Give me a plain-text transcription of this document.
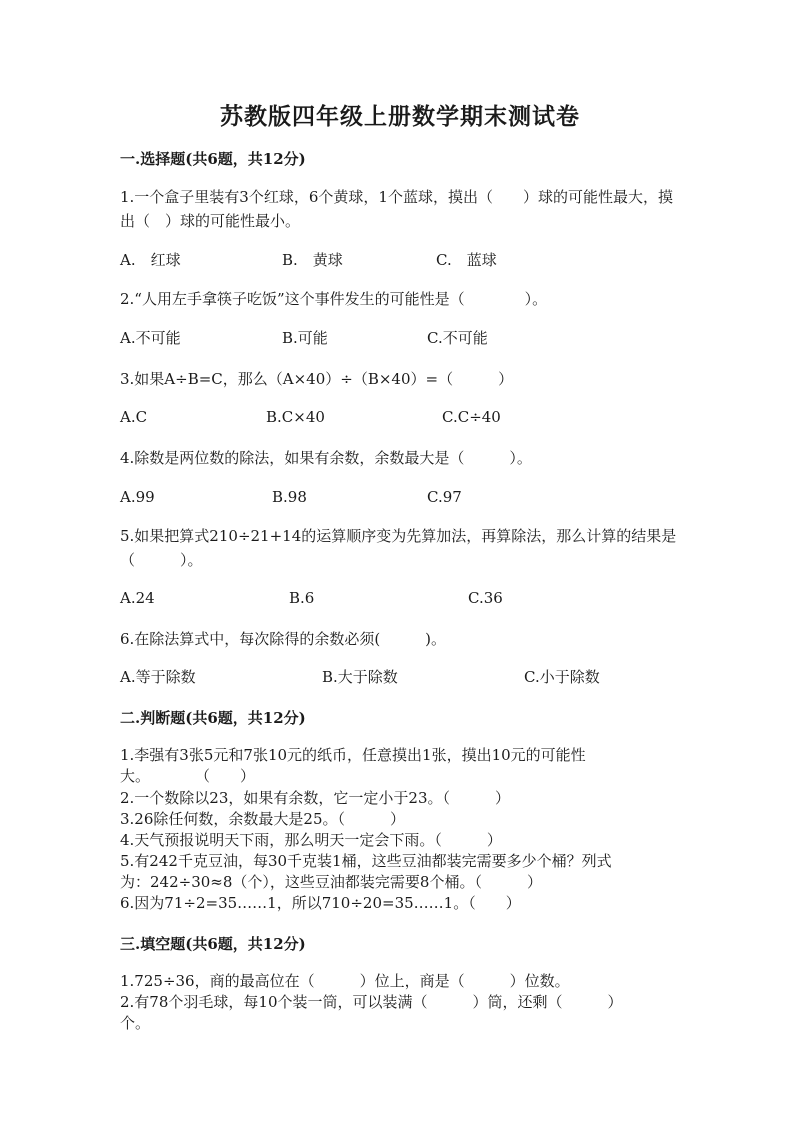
苏教版四年级上册数学期末测试卷
一.选择题(共6题，共12分)
1.一个盒子里装有3个红球，6个黄球，1个蓝球，摸出（　　）球的可能性最大，摸出（　）球的可能性最小。
A.　红球	B.　黄球	C.　蓝球
2.“人用左手拿筷子吃饭”这个事件发生的可能性是（　　　　）。
A.不可能	B.可能	C.不可能
3.如果A÷B=C，那么（A×40）÷（B×40）=（　　　）
A.C	B.C×40	C.C÷40
4.除数是两位数的除法，如果有余数，余数最大是（　　　）。
A.99	B.98	C.97
5.如果把算式210÷21+14的运算顺序变为先算加法，再算除法，那么计算的结果是（　　　）。
A.24	B.6	C.36
6.在除法算式中，每次除得的余数必须(　　　)。
A.等于除数	B.大于除数	C.小于除数
二.判断题(共6题，共12分)
1.李强有3张5元和7张10元的纸币，任意摸出1张，摸出10元的可能性
大。　　　　（　　）
2.一个数除以23，如果有余数，它一定小于23。（　　　）
3.26除任何数，余数最大是25。（　　　）
4.天气预报说明天下雨，那么明天一定会下雨。（　　　）
5.有242千克豆油，每30千克装1桶，这些豆油都装完需要多少个桶？列式
为：242÷30≈8（个），这些豆油都装完需要8个桶。（　　　）
6.因为71÷2=35……1，所以710÷20=35……1。（　　）
三.填空题(共6题，共12分)
1.725÷36，商的最高位在（　　　）位上，商是（　　　）位数。
2.有78个羽毛球，每10个装一筒，可以装满（　　　）筒，还剩（　　　）
个。
